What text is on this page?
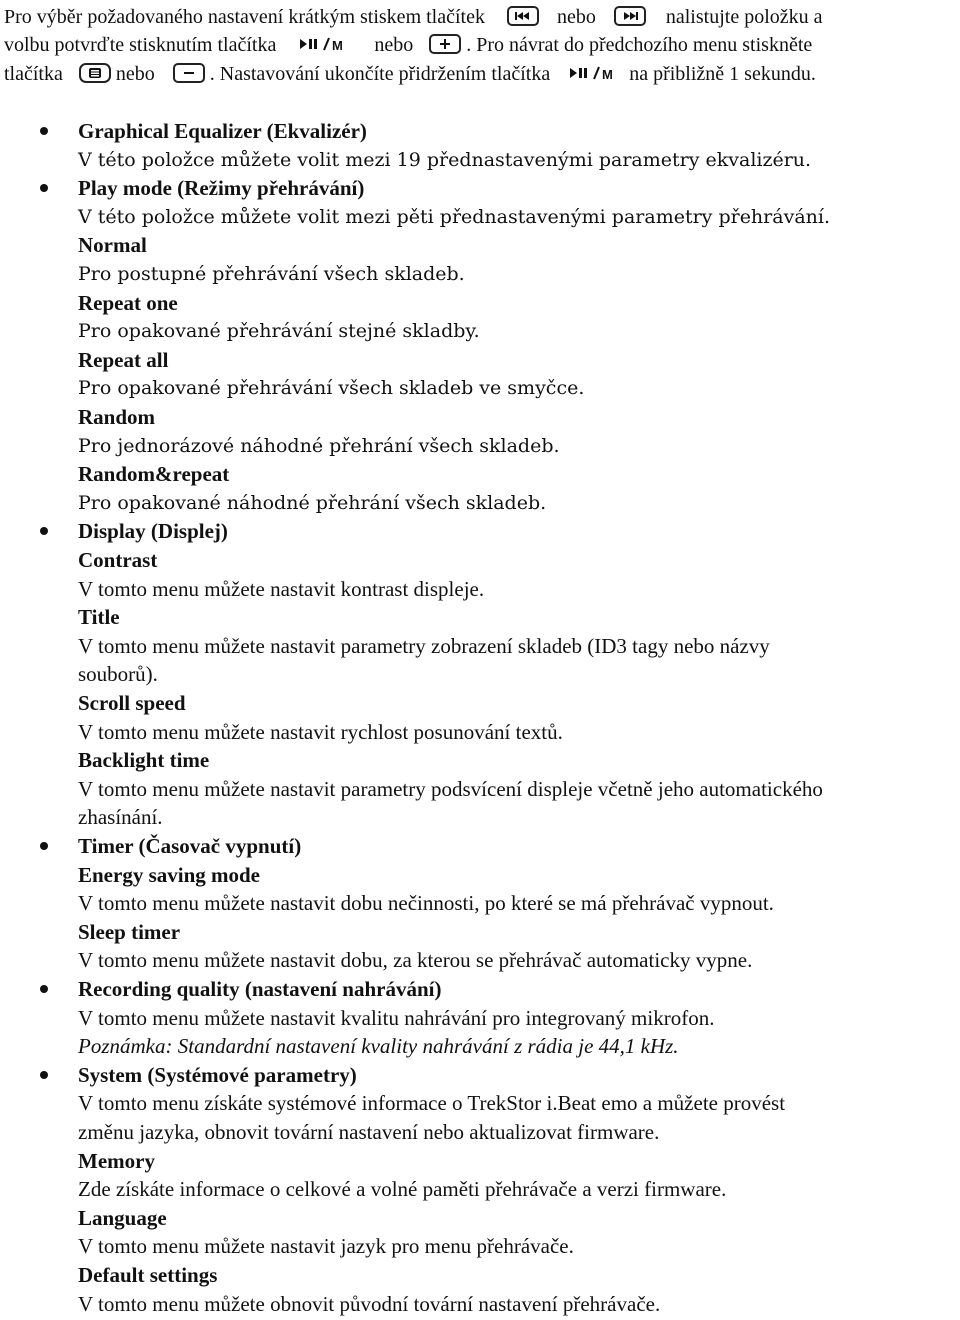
Pro výběr požadovaného nastavení krátkým stiskem tlačítek	nebo	nalistujte položku a
volbu potvrďte stisknutím tlačítka	M nebo	. Pro návrat do předchozího menu stiskněte
tlačítka	nebo	. Nastavování ukončíte přidržením tlačítka	M na přibližně 1 sekundu.
Graphical Equalizer (Ekvalizér)
V této položce můžete volit mezi 19 přednastavenými parametry ekvalizéru.
Play mode (Režimy přehrávání)
V této položce můžete volit mezi pěti přednastavenými parametry přehrávání.
Normal
Pro postupné přehrávání všech skladeb.
Repeat one
Pro opakované přehrávání stejné skladby.
Repeat all
Pro opakované přehrávání všech skladeb ve smyčce.
Random
Pro jednorázové náhodné přehrání všech skladeb.
Random&repeat
Pro opakované náhodné přehrání všech skladeb.
Display (Displej)
Contrast
V tomto menu můžete nastavit kontrast displeje.
Title
V tomto menu můžete nastavit parametry zobrazení skladeb (ID3 tagy nebo názvy
souborů).
Scroll speed
V tomto menu můžete nastavit rychlost posunování textů.
Backlight time
V tomto menu můžete nastavit parametry podsvícení displeje včetně jeho automatického
zhasínání.
Timer (Časovač vypnutí)
Energy saving mode
V tomto menu můžete nastavit dobu nečinnosti, po které se má přehrávač vypnout.
Sleep timer
V tomto menu můžete nastavit dobu, za kterou se přehrávač automaticky vypne.
Recording quality (nastavení nahrávání)
V tomto menu můžete nastavit kvalitu nahrávání pro integrovaný mikrofon.
Poznámka: Standardní nastavení kvality nahrávání z rádia je 44,1 kHz.
System (Systémové parametry)
V tomto menu získáte systémové informace o TrekStor i.Beat emo a můžete provést
změnu jazyka, obnovit tovární nastavení nebo aktualizovat firmware.
Memory
Zde získáte informace o celkové a volné paměti přehrávače a verzi firmware.
Language
V tomto menu můžete nastavit jazyk pro menu přehrávače.
Default settings
V tomto menu můžete obnovit původní tovární nastavení přehrávače.
